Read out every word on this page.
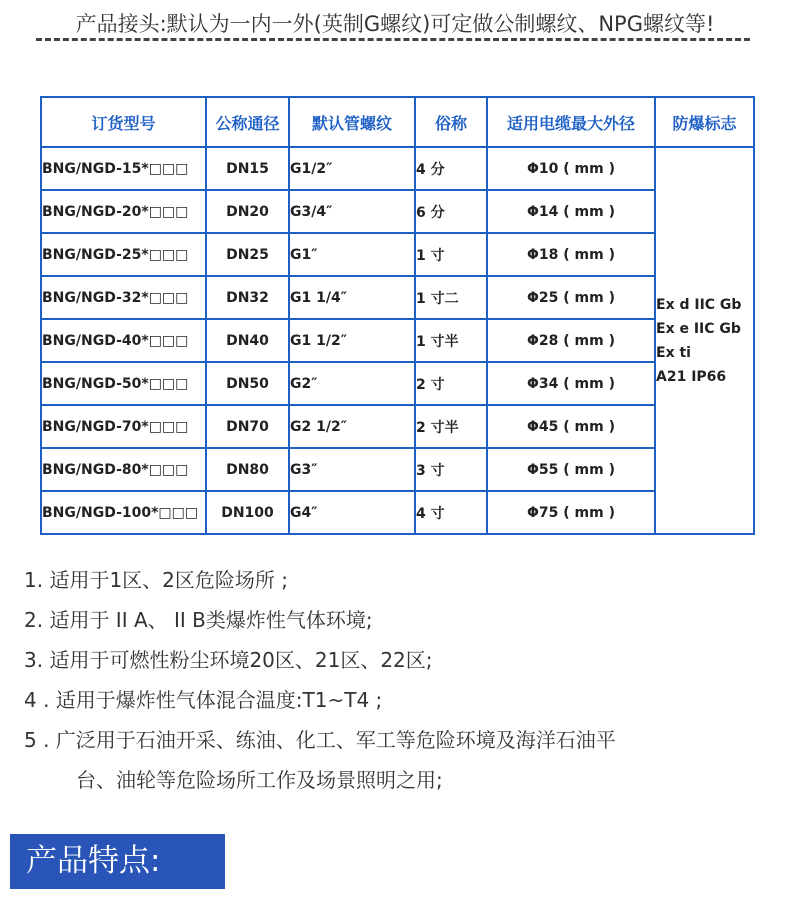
产品接头:默认为一内一外(英制G螺纹)可定做公制螺纹、NPG螺纹等!
订货型号	公称通径	默认管螺纹	俗称	适用电缆最大外径	防爆标志
BNG/NGD-15*□□□	DN15	G1/2″	4 分	Φ10 ( mm )	Ex d IIC Gb
Ex e IIC Gb
Ex ti
A21 IP66

BNG/NGD-20*□□□	DN20	G3/4″	6 分	Φ14 ( mm )	
BNG/NGD-25*□□□	DN25	G1″	1 寸	Φ18 ( mm )	
BNG/NGD-32*□□□	DN32	G1 1/4″	1 寸二	Φ25 ( mm )	
BNG/NGD-40*□□□	DN40	G1 1/2″	1 寸半	Φ28 ( mm )	
BNG/NGD-50*□□□	DN50	G2″	2 寸	Φ34 ( mm )	
BNG/NGD-70*□□□	DN70	G2 1/2″	2 寸半	Φ45 ( mm )	
BNG/NGD-80*□□□	DN80	G3″	3 寸	Φ55 ( mm )	
BNG/NGD-100*□□□	DN100	G4″	4 寸	Φ75 ( mm )	
1. 适用于1区、2区危险场所 ;
2. 适用于 II A、 II B类爆炸性气体环境;
3. 适用于可燃性粉尘环境20区、21区、22区;
4 . 适用于爆炸性气体混合温度:T1~T4 ;
5 . 广泛用于石油开采、练油、化工、军工等危险环境及海洋石油平
台、油轮等危险场所工作及场景照明之用;
产品特点:
